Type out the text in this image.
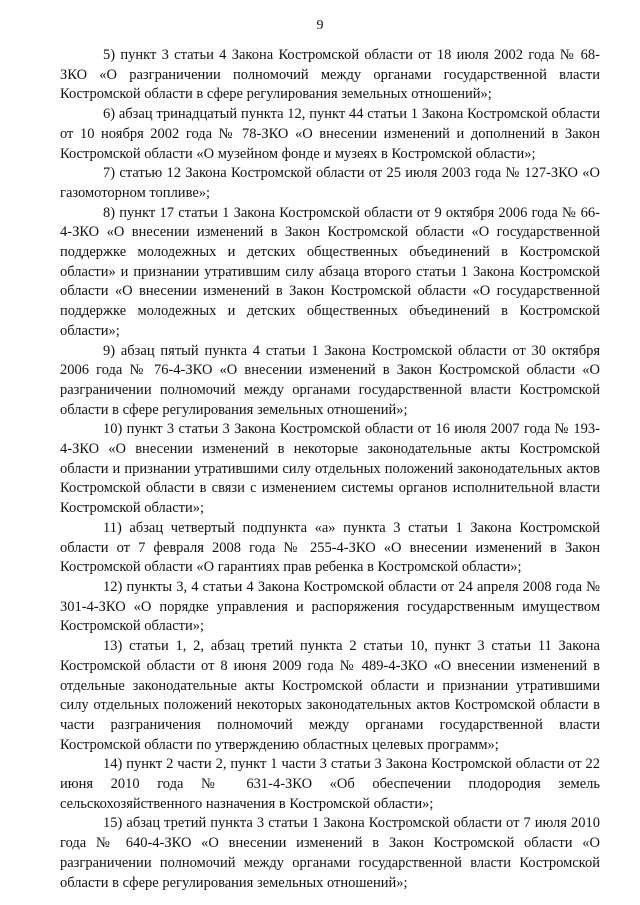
9

5) пункт 3 статьи 4 Закона Костромской области от 18 июля 2002 года № 68-ЗКО «О разграничении полномочий между органами государственной власти Костромской области в сфере регулирования земельных отношений»;

6) абзац тринадцатый пункта 12, пункт 44 статьи 1 Закона Костромской области от 10 ноября 2002 года № 78-ЗКО «О внесении изменений и дополнений в Закон Костромской области «О музейном фонде и музеях в Костромской области»;

7) статью 12 Закона Костромской области от 25 июля 2003 года № 127-ЗКО «О газомоторном топливе»;

8) пункт 17 статьи 1 Закона Костромской области от 9 октября 2006 года № 66-4-ЗКО «О внесении изменений в Закон Костромской области «О государственной поддержке молодежных и детских общественных объединений в Костромской области» и признании утратившим силу абзаца второго статьи 1 Закона Костромской области «О внесении изменений в Закон Костромской области «О государственной поддержке молодежных и детских общественных объединений в Костромской области»;

9) абзац пятый пункта 4 статьи 1 Закона Костромской области от 30 октября 2006 года № 76-4-ЗКО «О внесении изменений в Закон Костромской области «О разграничении полномочий между органами государственной власти Костромской области в сфере регулирования земельных отношений»;

10) пункт 3 статьи 3 Закона Костромской области от 16 июля 2007 года № 193-4-ЗКО «О внесении изменений в некоторые законодательные акты Костромской области и признании утратившими силу отдельных положений законодательных актов Костромской области в связи с изменением системы органов исполнительной власти Костромской области»;

11) абзац четвертый подпункта «а» пункта 3 статьи 1 Закона Костромской области от 7 февраля 2008 года № 255-4-ЗКО «О внесении изменений в Закон Костромской области «О гарантиях прав ребенка в Костромской области»;

12) пункты 3, 4 статьи 4 Закона Костромской области от 24 апреля 2008 года № 301-4-ЗКО «О порядке управления и распоряжения государственным имуществом Костромской области»;

13) статьи 1, 2, абзац третий пункта 2 статьи 10, пункт 3 статьи 11 Закона Костромской области от 8 июня 2009 года № 489-4-ЗКО «О внесении изменений в отдельные законодательные акты Костромской области и признании утратившими силу отдельных положений некоторых законодательных актов Костромской области в части разграничения полномочий между органами государственной власти Костромской области по утверждению областных целевых программ»;

14) пункт 2 части 2, пункт 1 части 3 статьи 3 Закона Костромской области от 22 июня 2010 года № 631-4-ЗКО «Об обеспечении плодородия земель сельскохозяйственного назначения в Костромской области»;

15) абзац третий пункта 3 статьи 1 Закона Костромской области от 7 июля 2010 года № 640-4-ЗКО «О внесении изменений в Закон Костромской области «О разграничении полномочий между органами государственной власти Костромской области в сфере регулирования земельных отношений»;
